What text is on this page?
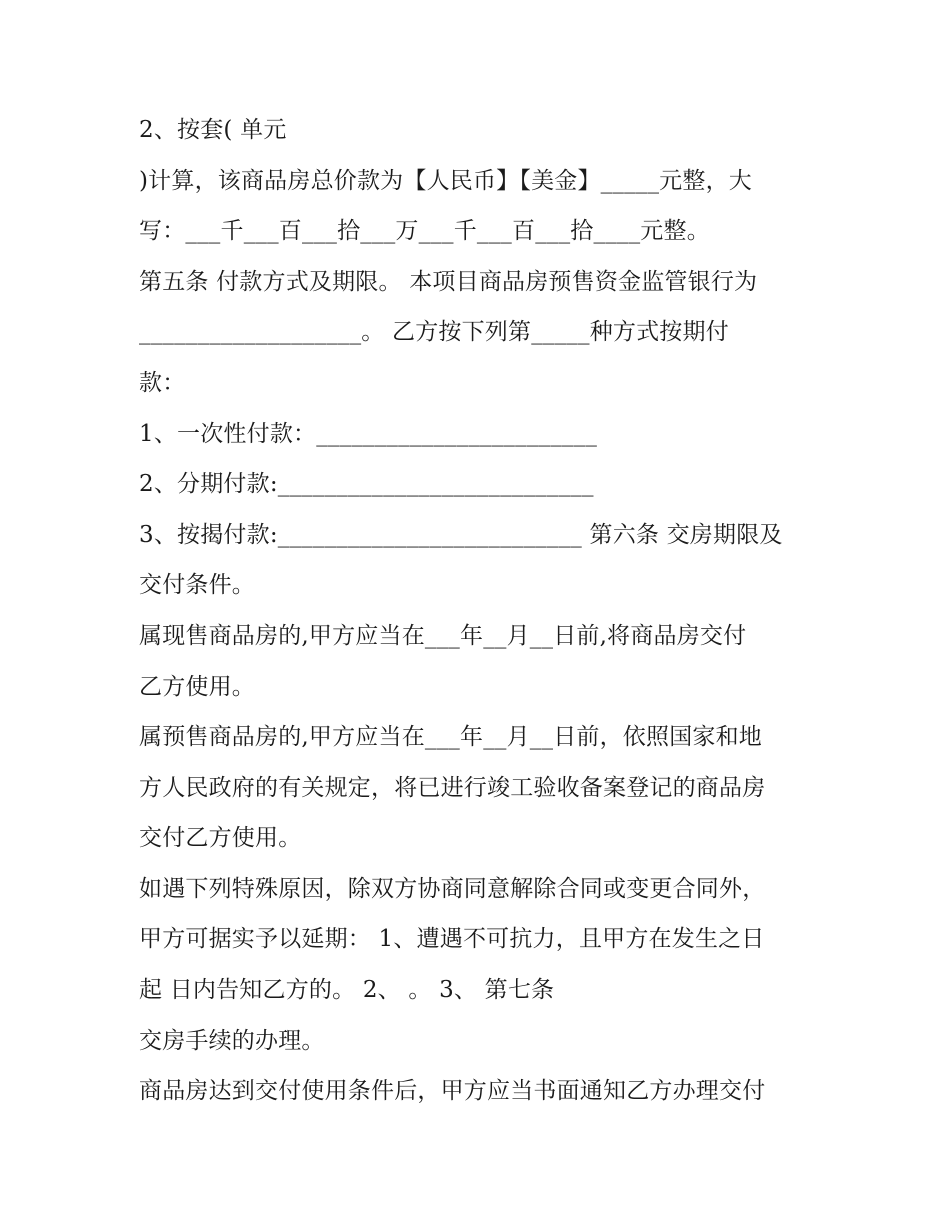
2、按套( 单元
)计算，该商品房总价款为【人民币】【美金】_____元整，大
写：___千___百___拾___万___千___百___拾____元整。
第五条 付款方式及期限。 本项目商品房预售资金监管银行为
___________________。 乙方按下列第_____种方式按期付
款：
1、一次性付款：________________________
2、分期付款:___________________________
3、按揭付款:__________________________ 第六条 交房期限及
交付条件。
属现售商品房的,甲方应当在___年__月__日前,将商品房交付
乙方使用。
属预售商品房的,甲方应当在___年__月__日前，依照国家和地
方人民政府的有关规定，将已进行竣工验收备案登记的商品房
交付乙方使用。
如遇下列特殊原因，除双方协商同意解除合同或变更合同外，
甲方可据实予以延期： 1、遭遇不可抗力，且甲方在发生之日
起 日内告知乙方的。 2、 。 3、 第七条
交房手续的办理。
商品房达到交付使用条件后，甲方应当书面通知乙方办理交付
